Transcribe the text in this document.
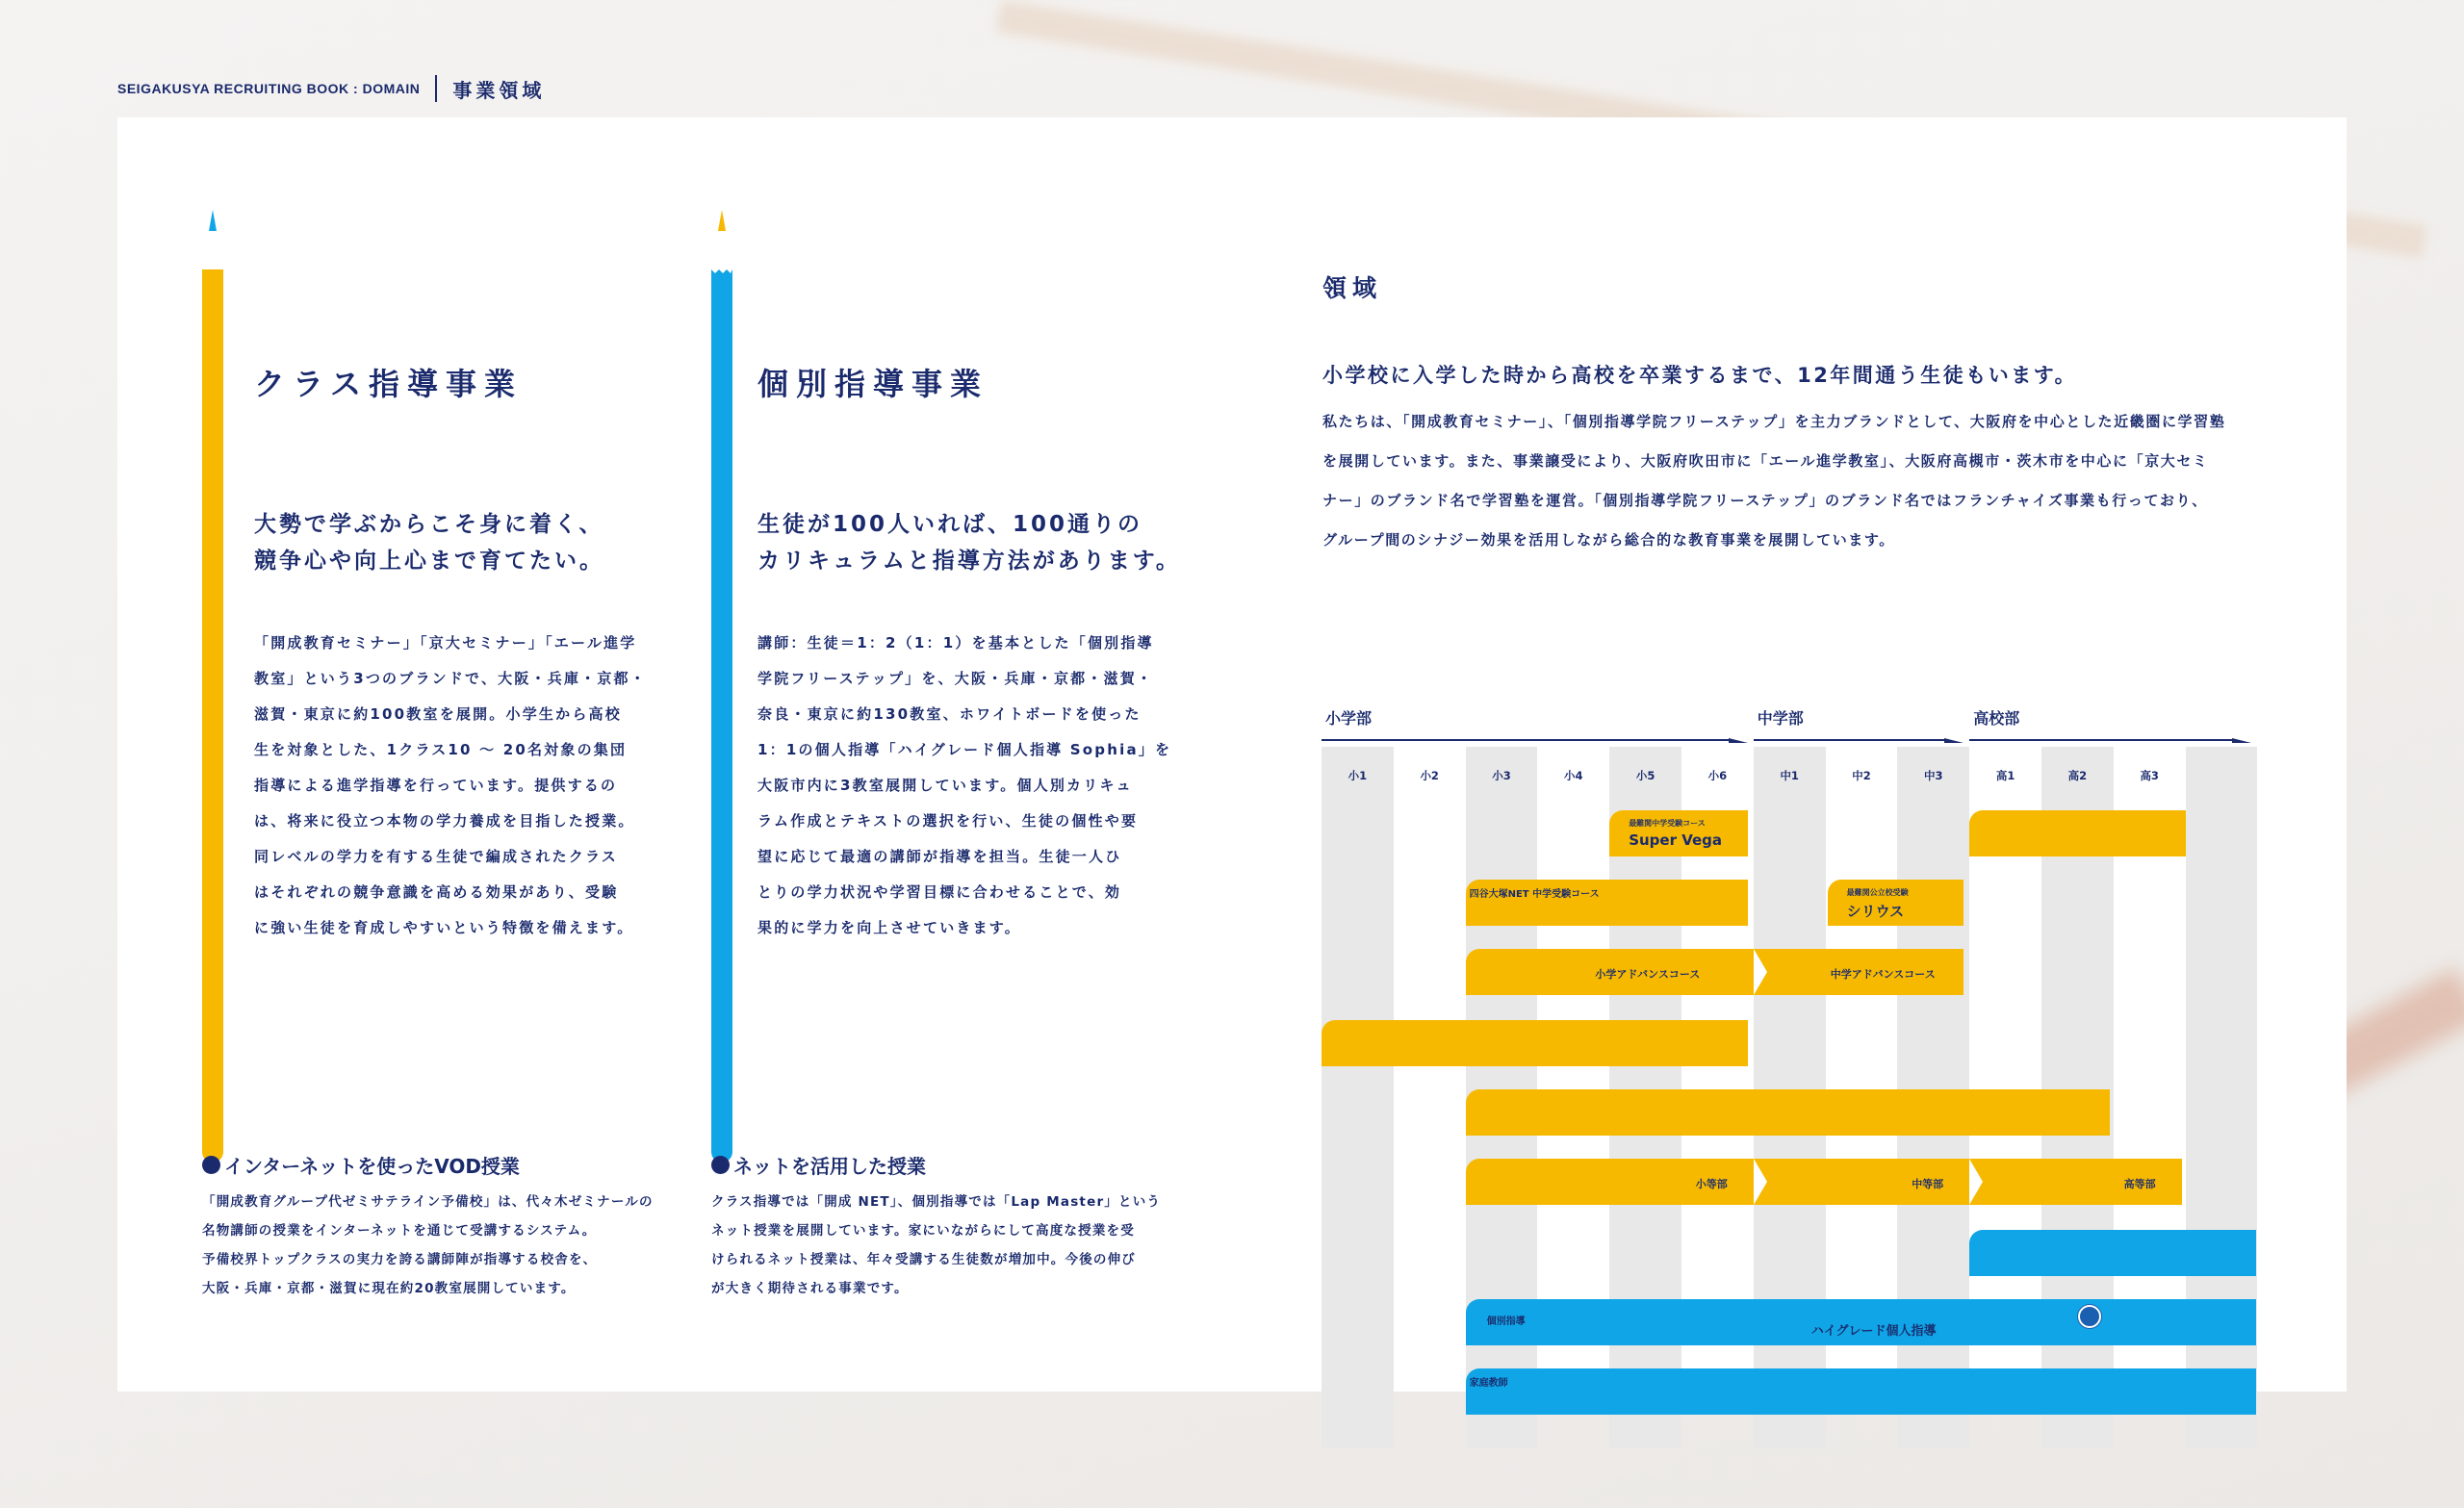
SEIGAKUSYA RECRUITING BOOK : DOMAIN 事業領域
クラス指導事業
大勢で学ぶからこそ身に着く、
競争心や向上心まで育てたい。
「開成教育セミナー」「京大セミナー」「エール進学
教室」という3つのブランドで、大阪・兵庫・京都・
滋賀・東京に約100教室を展開。小学生から高校
生を対象とした、1クラス10 ～ 20名対象の集団
指導による進学指導を行っています。提供するの
は、将来に役立つ本物の学力養成を目指した授業。
同レベルの学力を有する生徒で編成されたクラス
はそれぞれの競争意識を高める効果があり、受験
に強い生徒を育成しやすいという特徴を備えます。
インターネットを使ったVOD授業
「開成教育グループ代ゼミサテライン予備校」は、代々木ゼミナールの
名物講師の授業をインターネットを通じて受講するシステム。
予備校界トップクラスの実力を誇る講師陣が指導する校舎を、
大阪・兵庫・京都・滋賀に現在約20教室展開しています。
個別指導事業
生徒が100人いれば、100通りの
カリキュラムと指導方法があります。
講師：生徒＝1：2（1：1）を基本とした「個別指導
学院フリーステップ」を、大阪・兵庫・京都・滋賀・
奈良・東京に約130教室、ホワイトボードを使った
1：1の個人指導「ハイグレード個人指導 Sophia」を
大阪市内に3教室展開しています。個人別カリキュ
ラム作成とテキストの選択を行い、生徒の個性や要
望に応じて最適の講師が指導を担当。生徒一人ひ
とりの学力状況や学習目標に合わせることで、効
果的に学力を向上させていきます。
ネットを活用した授業
クラス指導では「開成 NET」、個別指導では「Lap Master」という
ネット授業を展開しています。家にいながらにして高度な授業を受
けられるネット授業は、年々受講する生徒数が増加中。今後の伸び
が大きく期待される事業です。
領域
小学校に入学した時から高校を卒業するまで、12年間通う生徒もいます。
私たちは、「開成教育セミナー」、「個別指導学院フリーステップ」を主力ブランドとして、大阪府を中心とした近畿圏に学習塾
を展開しています。また、事業譲受により、大阪府吹田市に「エール進学教室」、大阪府高槻市・茨木市を中心に「京大セミ
ナー」のブランド名で学習塾を運営。「個別指導学院フリーステップ」のブランド名ではフランチャイズ事業も行っており、
グループ間のシナジー効果を活用しながら総合的な教育事業を展開しています。
小学部	中学部	高校部
小1	小2	小3	小4	小5	小6	中1	中2	中3	高1	高2	高3
最難関中学受験コース
Super Vega
四谷大塚NET 中学受験コース	最難関公立校受験
シリウス
小学アドバンスコース	中学アドバンスコース
小等部	中等部	高等部
個別指導
ハイグレード個人指導
家庭教師
